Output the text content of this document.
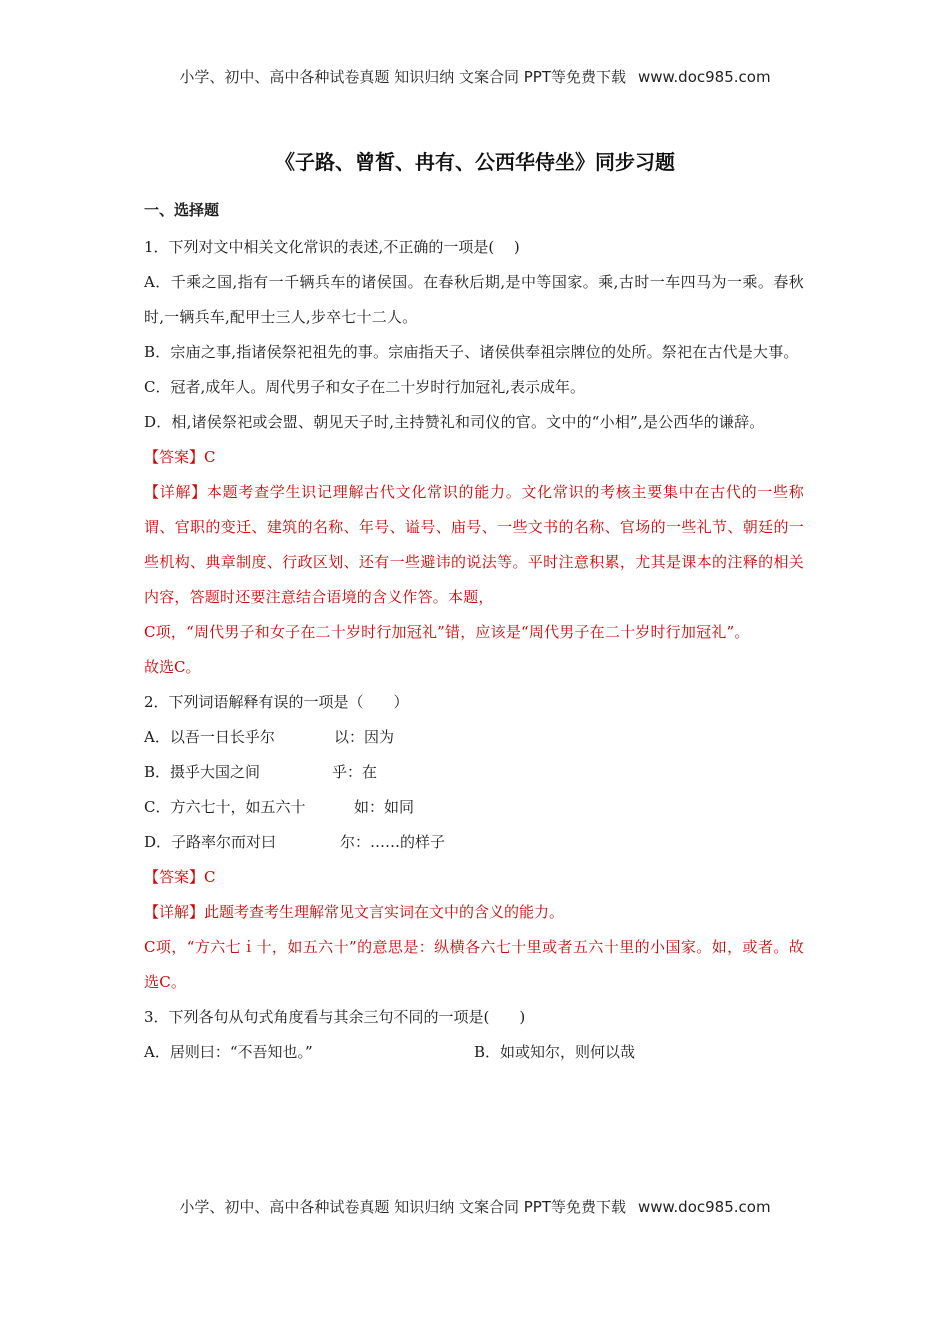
小学、初中、高中各种试卷真题 知识归纳 文案合同 PPT等免费下载 www.doc985.com
《子路、曾皙、冉有、公西华侍坐》同步习题
一、选择题
1．下列对文中相关文化常识的表述,不正确的一项是(　 )
A．千乘之国,指有一千辆兵车的诸侯国。在春秋后期,是中等国家。乘,古时一车四马为一乘。春秋时,一辆兵车,配甲士三人,步卒七十二人。
B．宗庙之事,指诸侯祭祀祖先的事。宗庙指天子、诸侯供奉祖宗牌位的处所。祭祀在古代是大事。
C．冠者,成年人。周代男子和女子在二十岁时行加冠礼,表示成年。
D．相,诸侯祭祀或会盟、朝见天子时,主持赞礼和司仪的官。文中的“小相”,是公西华的谦辞。
【答案】C
【详解】本题考查学生识记理解古代文化常识的能力。文化常识的考核主要集中在古代的一些称谓、官职的变迁、建筑的名称、年号、谥号、庙号、一些文书的名称、官场的一些礼节、朝廷的一些机构、典章制度、行政区划、还有一些避讳的说法等。平时注意积累，尤其是课本的注释的相关内容，答题时还要注意结合语境的含义作答。本题，
C项，“周代男子和女子在二十岁时行加冠礼”错，应该是“周代男子在二十岁时行加冠礼”。
故选C。
2．下列词语解释有误的一项是（　　）
A．以吾一日长乎尔	以：因为
B．摄乎大国之间	乎：在
C．方六七十，如五六十	如：如同
D．子路率尔而对曰	尔：……的样子
【答案】C
【详解】此题考查考生理解常见文言实词在文中的含义的能力。
C项，“方六七ｉ十，如五六十”的意思是：纵横各六七十里或者五六十里的小国家。如，或者。故选C。
3．下列各句从句式角度看与其余三句不同的一项是(　　)
A．居则曰：“不吾知也。”	B．如或知尔，则何以哉
小学、初中、高中各种试卷真题 知识归纳 文案合同 PPT等免费下载 www.doc985.com
